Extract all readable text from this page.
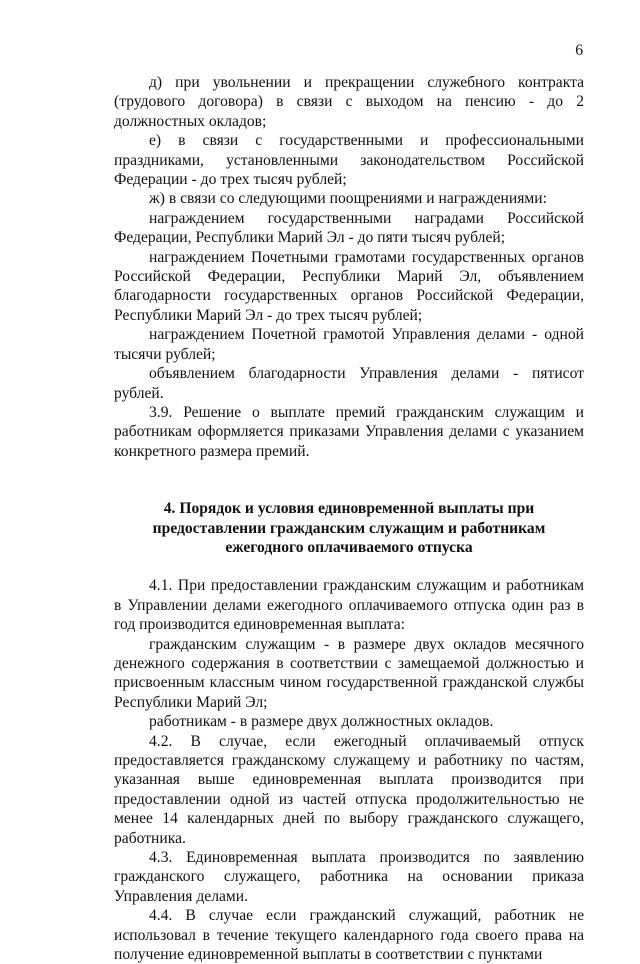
6

д) при увольнении и прекращении служебного контракта (трудового договора) в связи с выходом на пенсию - до 2 должностных окладов;

е) в связи с государственными и профессиональными праздниками, установленными законодательством Российской Федерации - до трех тысяч рублей;

ж) в связи со следующими поощрениями и награждениями:

награждением государственными наградами Российской Федерации, Республики Марий Эл - до пяти тысяч рублей;

награждением Почетными грамотами государственных органов Российской Федерации, Республики Марий Эл, объявлением благодарности государственных органов Российской Федерации, Республики Марий Эл - до трех тысяч рублей;

награждением Почетной грамотой Управления делами - одной тысячи рублей;

объявлением благодарности Управления делами - пятисот рублей.

3.9. Решение о выплате премий гражданским служащим и работникам оформляется приказами Управления делами с указанием конкретного размера премий.

4. Порядок и условия единовременной выплаты при предоставлении гражданским служащим и работникам ежегодного оплачиваемого отпуска

4.1. При предоставлении гражданским служащим и работникам в Управлении делами ежегодного оплачиваемого отпуска один раз в год производится единовременная выплата:

гражданским служащим - в размере двух окладов месячного денежного содержания в соответствии с замещаемой должностью и присвоенным классным чином государственной гражданской службы Республики Марий Эл;

работникам - в размере двух должностных окладов.

4.2. В случае, если ежегодный оплачиваемый отпуск предоставляется гражданскому служащему и работнику по частям, указанная выше единовременная выплата производится при предоставлении одной из частей отпуска продолжительностью не менее 14 календарных дней по выбору гражданского служащего, работника.

4.3. Единовременная выплата производится по заявлению гражданского служащего, работника на основании приказа Управления делами.

4.4. В случае если гражданский служащий, работник не использовал в течение текущего календарного года своего права на получение единовременной выплаты в соответствии с пунктами
